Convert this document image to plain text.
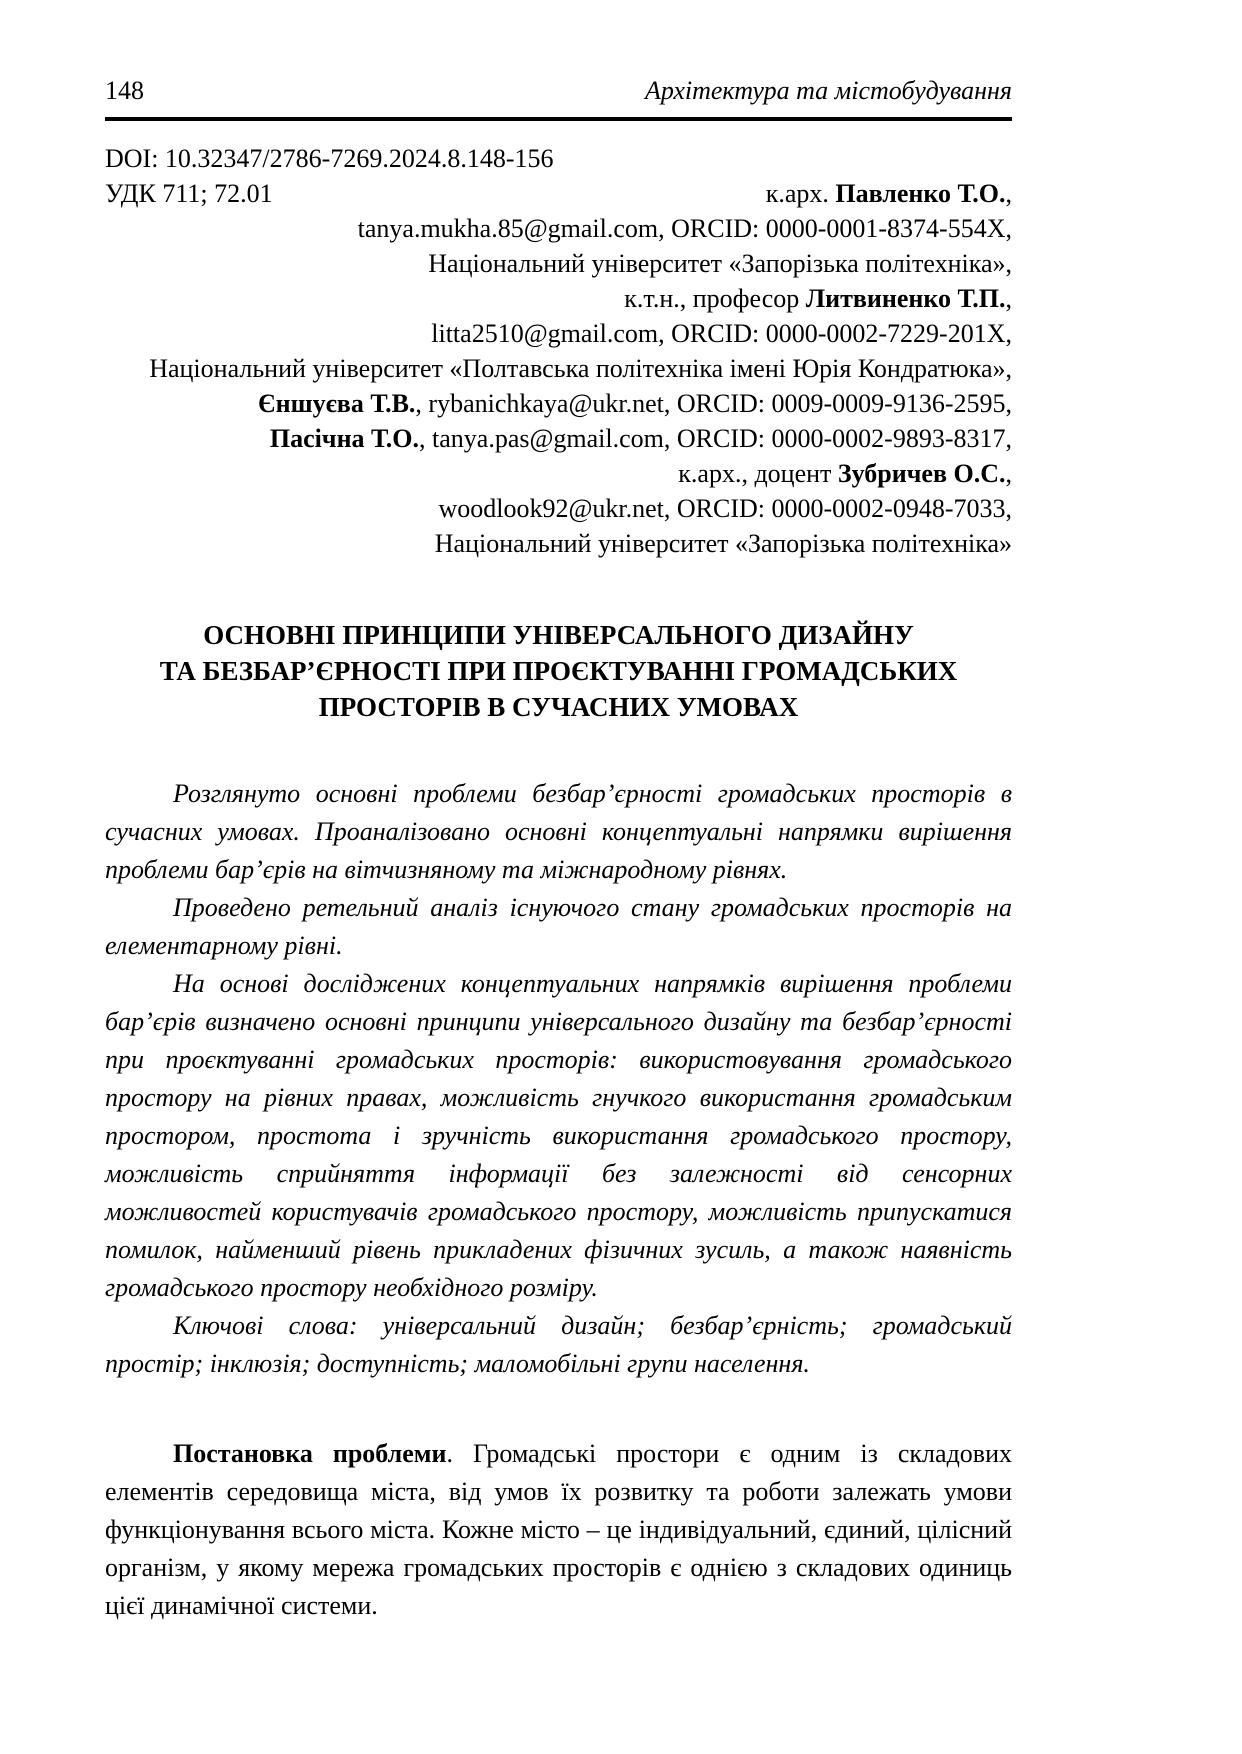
148	Архітектура та містобудування
DOI: 10.32347/2786-7269.2024.8.148-156
УДК 711; 72.01	к.арх. Павленко Т.О.,
tanya.mukha.85@gmail.com, ORCID: 0000-0001-8374-554X,
Національний університет «Запорізька політехніка»,
к.т.н., професор Литвиненко Т.П.,
litta2510@gmail.com, ORCID: 0000-0002-7229-201X,
Національний університет «Полтавська політехніка імені Юрія Кондратюка»,
Єншуєва Т.В., rybanichkaya@ukr.net, ORCID: 0009-0009-9136-2595,
Пасічна Т.О., tanya.pas@gmail.com, ORCID: 0000-0002-9893-8317,
к.арх., доцент Зубричев О.С.,
woodlook92@ukr.net, ORCID: 0000-0002-0948-7033,
Національний університет «Запорізька політехніка»
ОСНОВНІ ПРИНЦИПИ УНІВЕРСАЛЬНОГО ДИЗАЙНУ
ТА БЕЗБАР’ЄРНОСТІ ПРИ ПРОЄКТУВАННІ ГРОМАДСЬКИХ
ПРОСТОРІВ В СУЧАСНИХ УМОВАХ

Розглянуто основні проблеми безбар’єрності громадських просторів в сучасних умовах. Проаналізовано основні концептуальні напрямки вирішення проблеми бар’єрів на вітчизняному та міжнародному рівнях.

Проведено ретельний аналіз існуючого стану громадських просторів на елементарному рівні.

На основі досліджених концептуальних напрямків вирішення проблеми бар’єрів визначено основні принципи універсального дизайну та безбар’єрності при проєктуванні громадських просторів: використовування громадського простору на рівних правах, можливість гнучкого використання громадським простором, простота і зручність використання громадського простору, можливість сприйняття інформації без залежності від сенсорних можливостей користувачів громадського простору, можливість припускатися помилок, найменший рівень прикладених фізичних зусиль, а також наявність громадського простору необхідного розміру.

Ключові слова: універсальний дизайн; безбар’єрність; громадський простір; інклюзія; доступність; маломобільні групи населення.

Постановка проблеми. Громадські простори є одним із складових елементів середовища міста, від умов їх розвитку та роботи залежать умови функціонування всього міста. Кожне місто – це індивідуальний, єдиний, цілісний організм, у якому мережа громадських просторів є однією з складових одиниць цієї динамічної системи.
